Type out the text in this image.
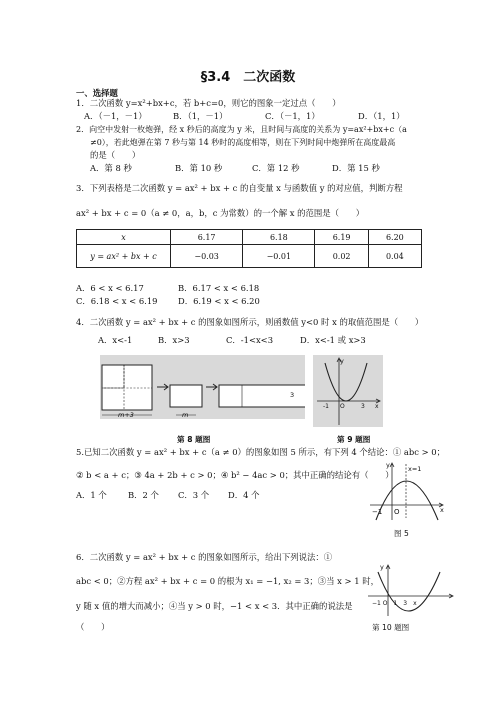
§3.4　二次函数
一、选择题
1．二次函数 y=x²+bx+c，若 b+c=0，则它的图象一定过点（　　）
A．（－1，－1）	B．（1，－1）	C．（－1，1）	D．（1，1）
2．向空中发射一枚炮弹，经 x 秒后的高度为 y 米，且时间与高度的关系为 y=ax²+bx+c（a
≠0），若此炮弹在第 7 秒与第 14 秒时的高度相等，则在下列时间中炮弹所在高度最高
的是（　　）
A．第 8 秒	B．第 10 秒	C．第 12 秒	D．第 15 秒
3．下列表格是二次函数 y = ax² + bx + c 的自变量 x 与函数值 y 的对应值，判断方程
ax² + bx + c = 0（a ≠ 0，a，b，c 为常数）的一个解 x 的范围是（　　）
x	6.17	6.18	6.19	6.20
y = ax² + bx + c	−0.03	−0.01	0.02	0.04
A．6 < x < 6.17	B．6.17 < x < 6.18
C．6.18 < x < 6.19 D．6.19 < x < 6.20
4．二次函数 y = ax² + bx + c 的图象如图所示，则函数值 y<0 时 x 的取值范围是（　　）
A．x<-1	B．x>3	C．-1<x<3	D．x<-1 或 x>3
m+3	m
3
第 8 题图
y
-1 O	3 x
第 9 题图
5.已知二次函数 y = ax² + bx + c（a ≠ 0）的图象如图 5 所示，有下列 4 个结论：① abc > 0；
② b < a + c；③ 4a + 2b + c > 0；④ b² − 4ac > 0；其中正确的结论有（　　）
A．1 个	B．2 个 C．3 个 D．4 个
y	x=1
x
−1 O
图 5
6．二次函数 y = ax² + bx + c 的图象如图所示，给出下列说法：①
abc < 0；②方程 ax² + bx + c = 0 的根为 x₁ = −1, x₂ = 3；③当 x > 1 时，
y 随 x 值的增大而减小；④当 y > 0 时，−1 < x < 3．其中正确的说法是
（　　）
y
−1 O　1　3　x
第 10 题图
